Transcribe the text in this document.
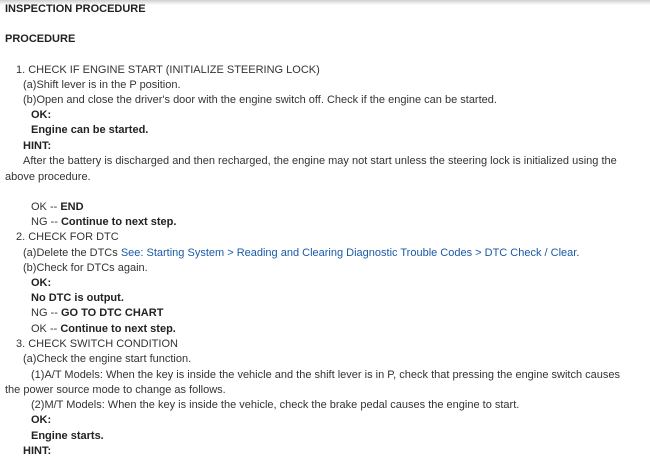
INSPECTION PROCEDURE
PROCEDURE
1. CHECK IF ENGINE START (INITIALIZE STEERING LOCK)
(a)Shift lever is in the P position.
(b)Open and close the driver's door with the engine switch off. Check if the engine can be started.
OK:
Engine can be started.
HINT:
After the battery is discharged and then recharged, the engine may not start unless the steering lock is initialized using the
above procedure.
OK -- END
NG -- Continue to next step.
2. CHECK FOR DTC
(a)Delete the DTCs See: Starting System > Reading and Clearing Diagnostic Trouble Codes > DTC Check / Clear.
(b)Check for DTCs again.
OK:
No DTC is output.
NG -- GO TO DTC CHART
OK -- Continue to next step.
3. CHECK SWITCH CONDITION
(a)Check the engine start function.
(1)A/T Models: When the key is inside the vehicle and the shift lever is in P, check that pressing the engine switch causes
the power source mode to change as follows.
(2)M/T Models: When the key is inside the vehicle, check the brake pedal causes the engine to start.
OK:
Engine starts.
HINT:
